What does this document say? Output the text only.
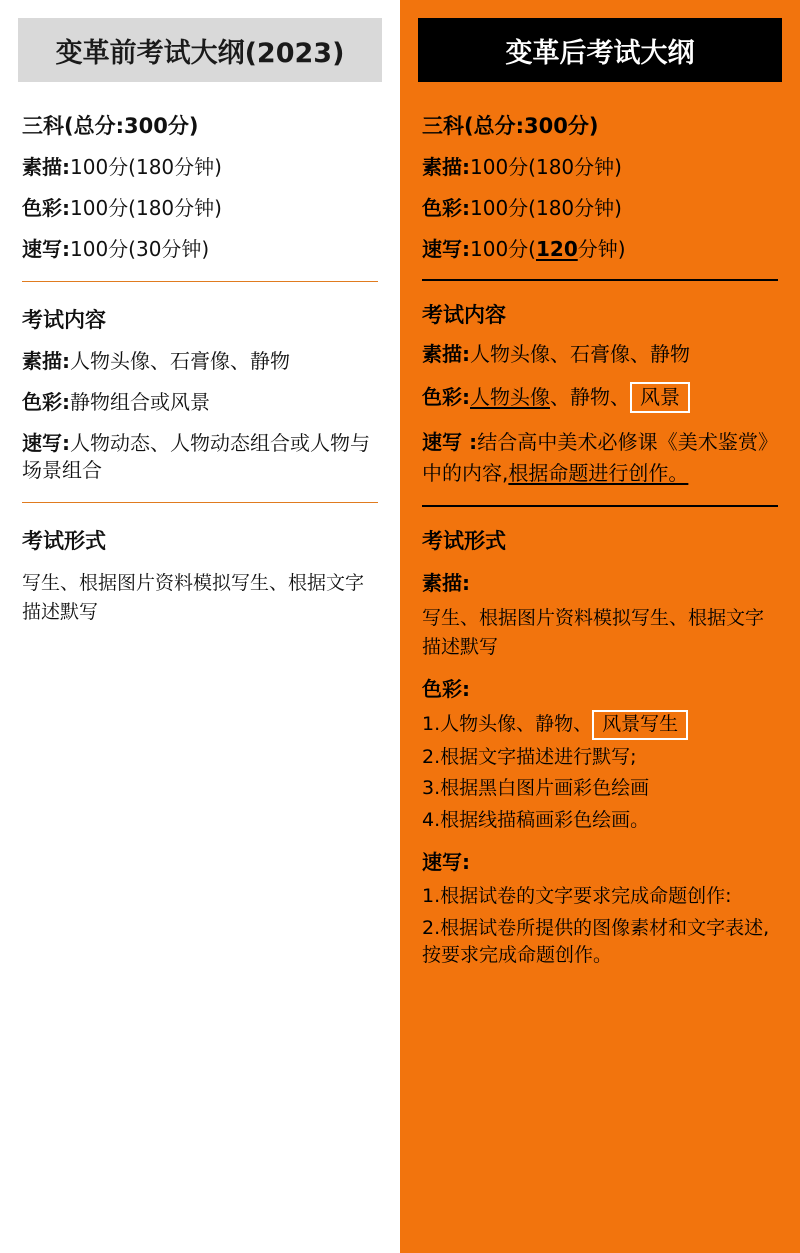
变革前考试大纲(2023)
三科(总分:300分)
素描:100分(180分钟)
色彩:100分(180分钟)
速写:100分(30分钟)
考试内容
素描:人物头像、石膏像、静物
色彩:静物组合或风景
速写:人物动态、人物动态组合或人物与场景组合
考试形式

写生、根据图片资料模拟写生、根据文字描述默写

变革后考试大纲
三科(总分:300分)
素描:100分(180分钟)
色彩:100分(180分钟)
速写:100分(120分钟)
考试内容
素描:人物头像、石膏像、静物
色彩:人物头像、静物、 风景
速写 :结合高中美术必修课《美术鉴赏》中的内容,根据命题进行创作。
考试形式
素描:

写生、根据图片资料模拟写生、根据文字描述默写

色彩:
1.人物头像、静物、 风景写生
2.根据文字描述进行默写;
3.根据黑白图片画彩色绘画
4.根据线描稿画彩色绘画。
速写:
1.根据试卷的文字要求完成命题创作:
2.根据试卷所提供的图像素材和文字表述,按要求完成命题创作。
